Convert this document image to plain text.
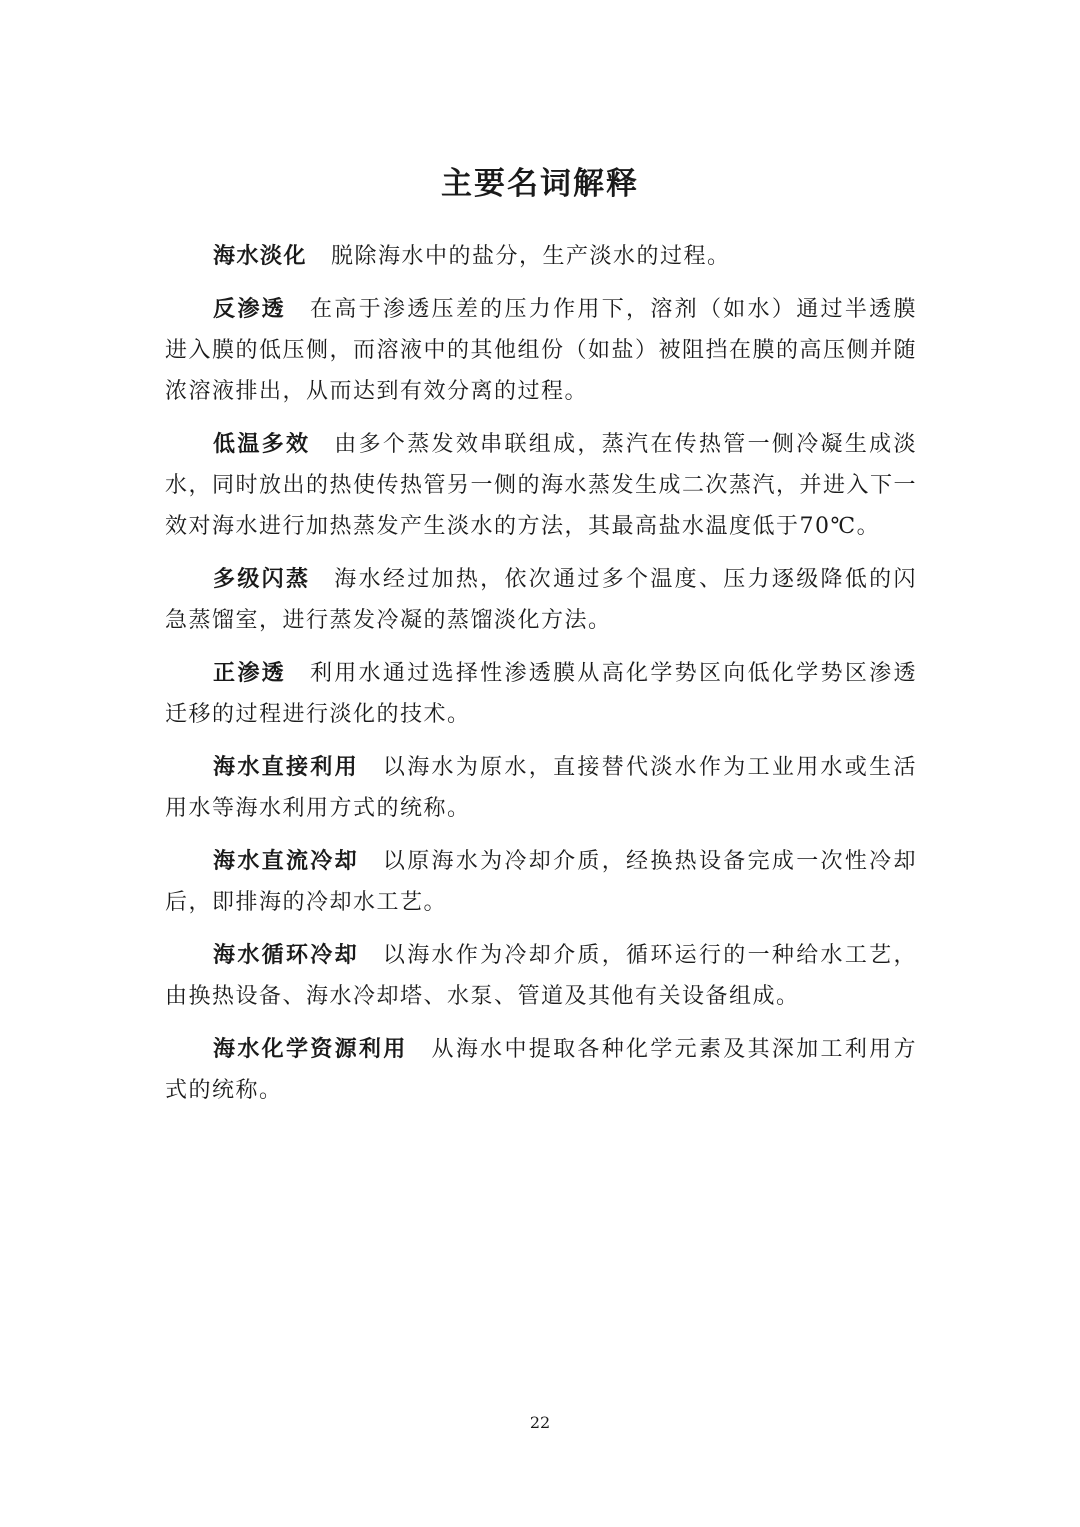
主要名词解释

海水淡化 脱除海水中的盐分，生产淡水的过程。

反渗透 在高于渗透压差的压力作用下，溶剂（如水）通过半透膜进入膜的低压侧，而溶液中的其他组份（如盐）被阻挡在膜的高压侧并随浓溶液排出，从而达到有效分离的过程。

低温多效 由多个蒸发效串联组成，蒸汽在传热管一侧冷凝生成淡水，同时放出的热使传热管另一侧的海水蒸发生成二次蒸汽，并进入下一效对海水进行加热蒸发产生淡水的方法，其最高盐水温度低于70℃。

多级闪蒸 海水经过加热，依次通过多个温度、压力逐级降低的闪急蒸馏室，进行蒸发冷凝的蒸馏淡化方法。

正渗透 利用水通过选择性渗透膜从高化学势区向低化学势区渗透迁移的过程进行淡化的技术。

海水直接利用 以海水为原水，直接替代淡水作为工业用水或生活用水等海水利用方式的统称。

海水直流冷却 以原海水为冷却介质，经换热设备完成一次性冷却后，即排海的冷却水工艺。

海水循环冷却 以海水作为冷却介质，循环运行的一种给水工艺，由换热设备、海水冷却塔、水泵、管道及其他有关设备组成。

海水化学资源利用 从海水中提取各种化学元素及其深加工利用方式的统称。

22
